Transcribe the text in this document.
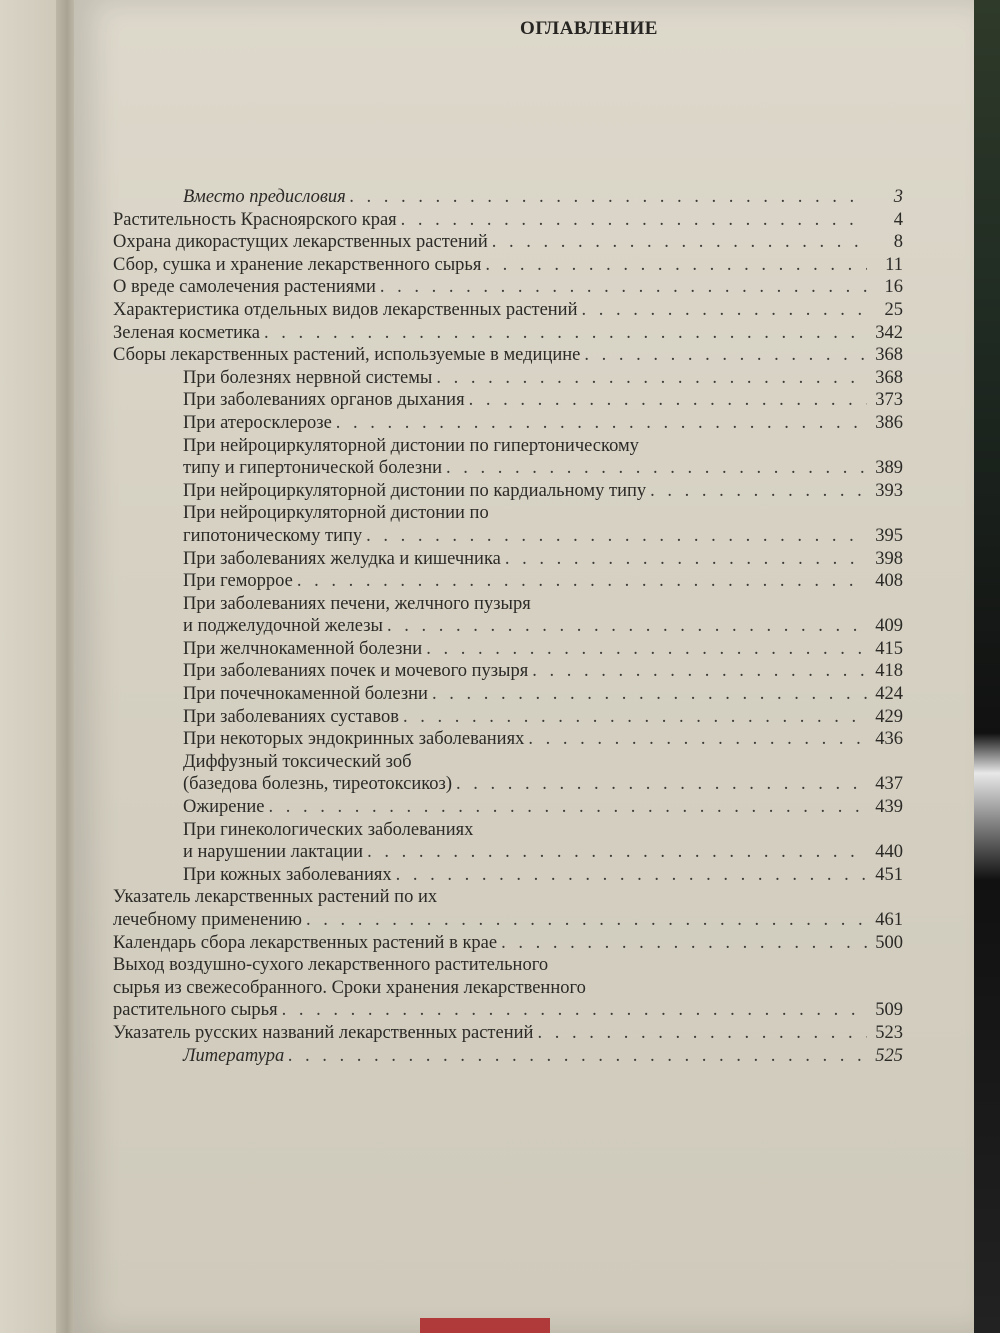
ОГЛАВЛЕНИЕ
Вместо предисловия . . .	3
Растительность Красноярского края . . .	4
Охрана дикорастущих лекарственных растений . . .	8
Сбор, сушка и хранение лекарственного сырья . . .	11
О вреде самолечения растениями . . .	16
Характеристика отдельных видов лекарственных растений . . .	25
Зеленая косметика . . .	342
Сборы лекарственных растений, используемые в медицине . . .	368
При болезнях нервной системы . . .	368
При заболеваниях органов дыхания . . .	373
При атеросклерозе . . .	386
При нейроциркуляторной дистонии по гипертоническому
типу и гипертонической болезни . . .	389
При нейроциркуляторной дистонии по кардиальному типу . . .	393
При нейроциркуляторной дистонии по
гипотоническому типу . . .	395
При заболеваниях желудка и кишечника . . .	398
При геморрое . . .	408
При заболеваниях печени, желчного пузыря
и поджелудочной железы . . .	409
При желчнокаменной болезни . . .	415
При заболеваниях почек и мочевого пузыря . . .	418
При почечнокаменной болезни . . .	424
При заболеваниях суставов . . .	429
При некоторых эндокринных заболеваниях . . .	436
Диффузный токсический зоб
(базедова болезнь, тиреотоксикоз) . . .	437
Ожирение . . .	439
При гинекологических заболеваниях
и нарушении лактации . . .	440
При кожных заболеваниях . . .	451
Указатель лекарственных растений по их
лечебному применению . . .	461
Календарь сбора лекарственных растений в крае . . .	500
Выход воздушно-сухого лекарственного растительного
сырья из свежесобранного. Сроки хранения лекарственного
растительного сырья . . .	509
Указатель русских названий лекарственных растений . . .	523
Литература . . .	525
